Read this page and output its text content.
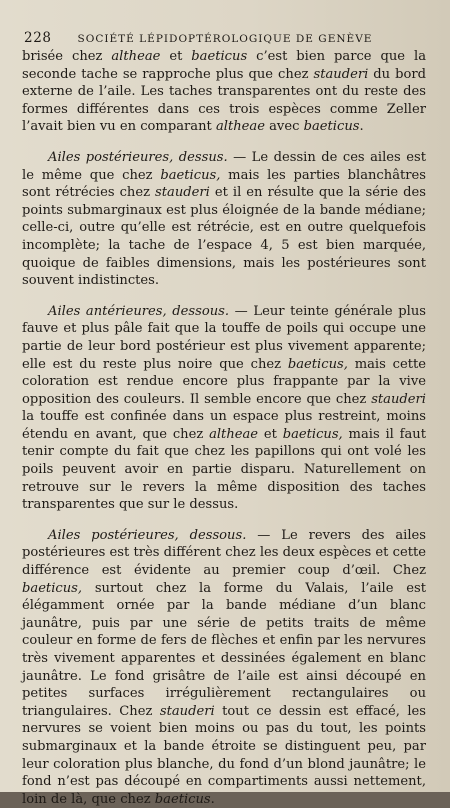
228	SOCIÉTÉ LÉPIDOPTÉROLOGIQUE DE GENÈVE

brisée chez altheae et baeticus c’est bien parce que la seconde tache se rapproche plus que chez stauderi du bord externe de l’aile. Les taches transparentes ont du reste des formes différentes dans ces trois espèces comme Zeller l’avait bien vu en comparant altheae avec baeticus.

Ailes postérieures, dessus. — Le dessin de ces ailes est le même que chez baeticus, mais les parties blanchâtres sont rétrécies chez stauderi et il en résulte que la série des points submarginaux est plus éloignée de la bande médiane; celle-ci, outre qu’elle est rétrécie, est en outre quelquefois incomplète; la tache de l’espace 4, 5 est bien marquée, quoique de faibles dimensions, mais les postérieures sont souvent indistinctes.

Ailes antérieures, dessous. — Leur teinte générale plus fauve et plus pâle fait que la touffe de poils qui occupe une partie de leur bord postérieur est plus vivement apparente; elle est du reste plus noire que chez baeticus, mais cette coloration est rendue encore plus frappante par la vive opposition des couleurs. Il semble encore que chez stauderi la touffe est confinée dans un espace plus restreint, moins étendu en avant, que chez altheae et baeticus, mais il faut tenir compte du fait que chez les papillons qui ont volé les poils peuvent avoir en partie disparu. Naturellement on retrouve sur le revers la même disposition des taches transparentes que sur le dessus.

Ailes postérieures, dessous. — Le revers des ailes postérieures est très différent chez les deux espèces et cette différence est évidente au premier coup d’œil. Chez baeticus, surtout chez la forme du Valais, l’aile est élégamment ornée par la bande médiane d’un blanc jaunâtre, puis par une série de petits traits de même couleur en forme de fers de flèches et enfin par les nervures très vivement apparentes et dessinées également en blanc jaunâtre. Le fond grisâtre de l’aile est ainsi découpé en petites surfaces irrégulièrement rectangulaires ou triangulaires. Chez stauderi tout ce dessin est effacé, les nervures se voient bien moins ou pas du tout, les points submarginaux et la bande étroite se distinguent peu, par leur coloration plus blanche, du fond d’un blond jaunâtre; le fond n’est pas découpé en compartiments aussi nettement, loin de là, que chez baeticus.
